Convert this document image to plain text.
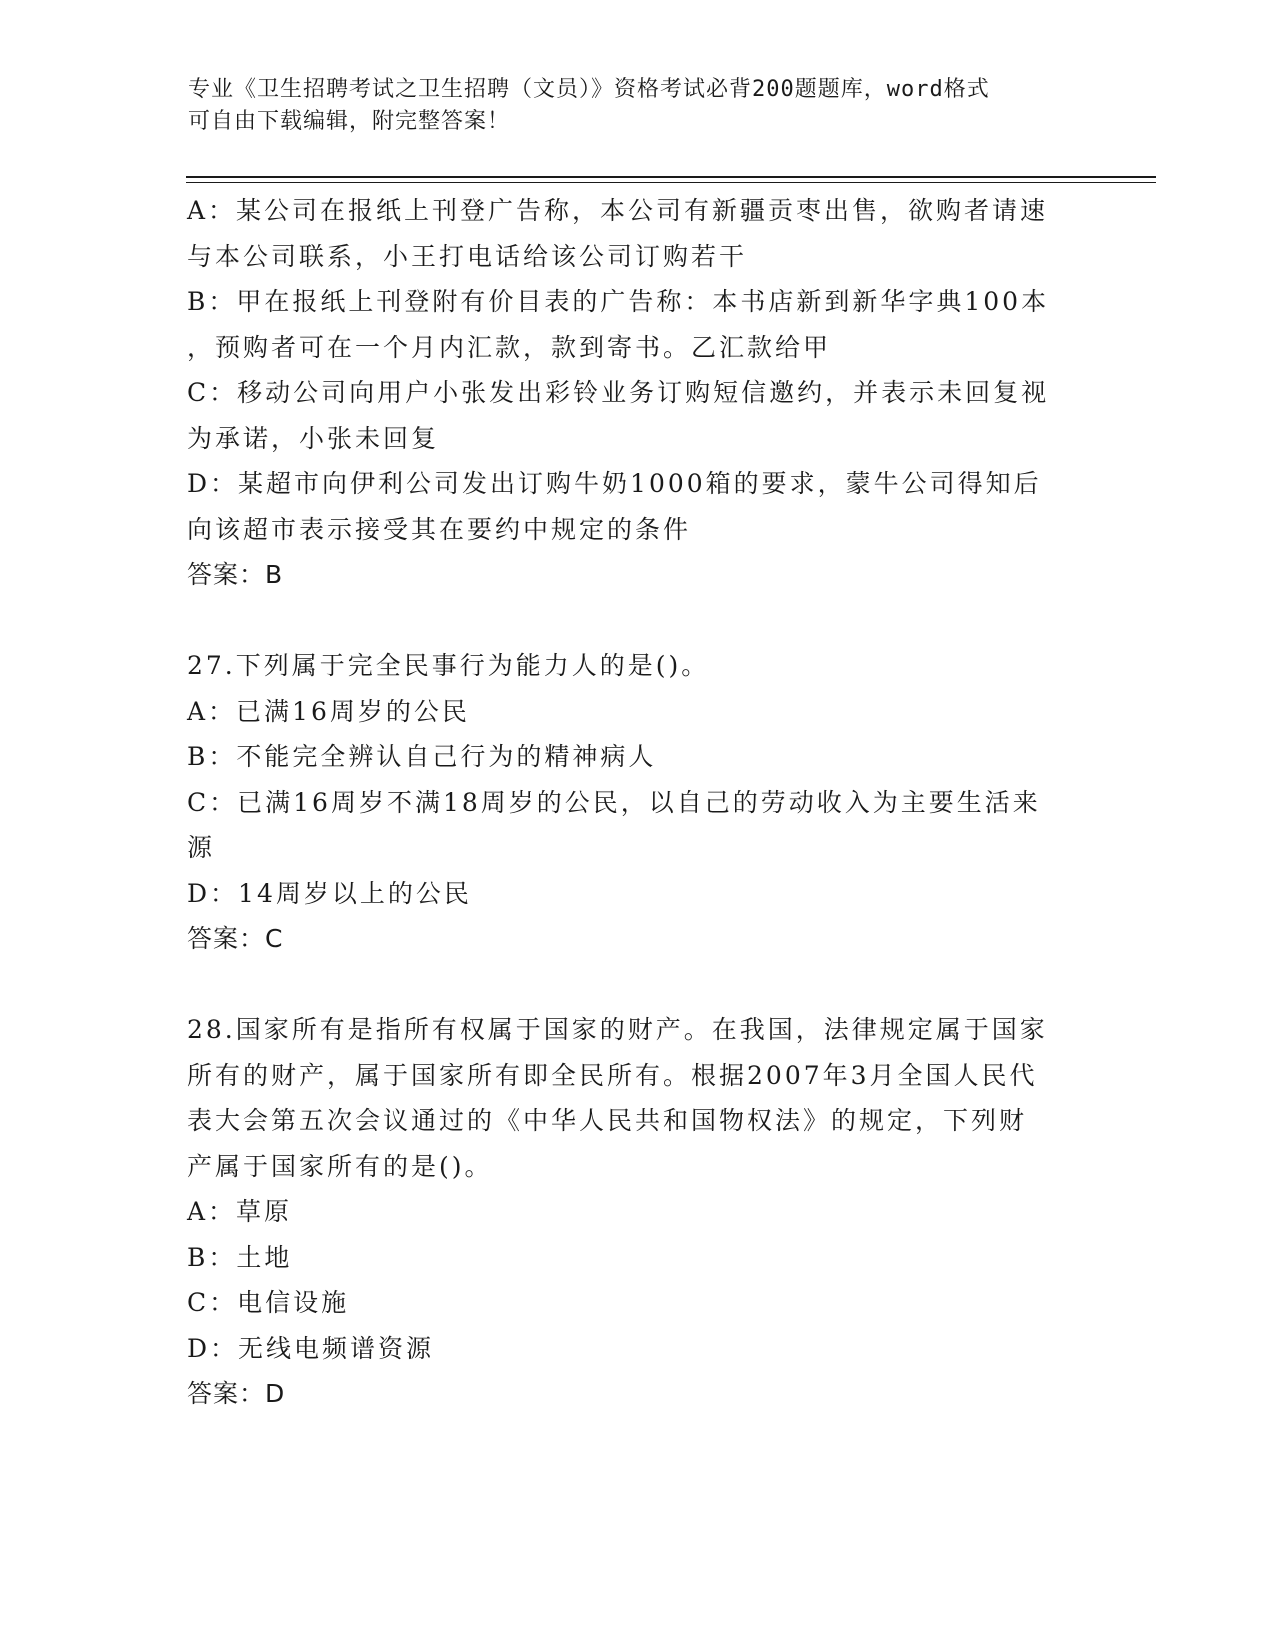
专业《卫生招聘考试之卫生招聘（文员）》资格考试必背200题题库，word格式
可自由下载编辑，附完整答案！
A：某公司在报纸上刊登广告称，本公司有新疆贡枣出售，欲购者请速
与本公司联系，小王打电话给该公司订购若干
B：甲在报纸上刊登附有价目表的广告称：本书店新到新华字典100本
，预购者可在一个月内汇款，款到寄书。乙汇款给甲
C：移动公司向用户小张发出彩铃业务订购短信邀约，并表示未回复视
为承诺，小张未回复
D：某超市向伊利公司发出订购牛奶1000箱的要求，蒙牛公司得知后
向该超市表示接受其在要约中规定的条件
答案：B
27.下列属于完全民事行为能力人的是()。
A：已满16周岁的公民
B：不能完全辨认自己行为的精神病人
C：已满16周岁不满18周岁的公民，以自己的劳动收入为主要生活来
源
D：14周岁以上的公民
答案：C
28.国家所有是指所有权属于国家的财产。在我国，法律规定属于国家
所有的财产，属于国家所有即全民所有。根据2007年3月全国人民代
表大会第五次会议通过的《中华人民共和国物权法》的规定，下列财
产属于国家所有的是()。
A：草原
B：土地
C：电信设施
D：无线电频谱资源
答案：D
